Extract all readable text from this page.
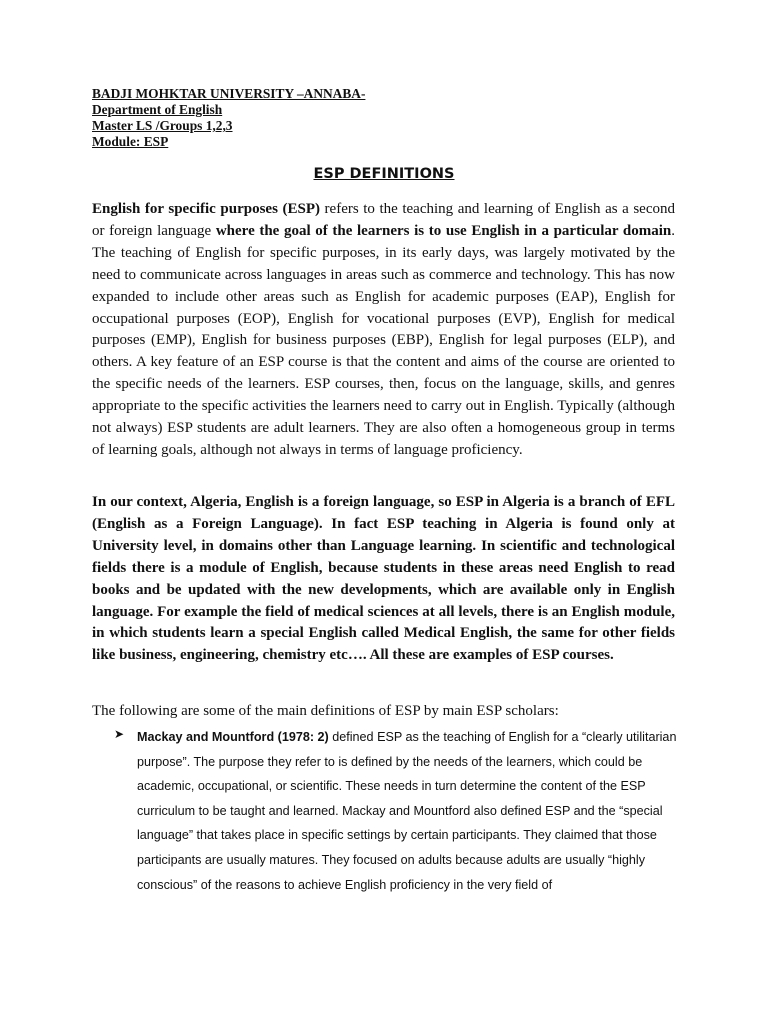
BADJI MOHKTAR UNIVERSITY –ANNABA-
Department of English
Master LS /Groups 1,2,3
Module: ESP
ESP DEFINITIONS

English for specific purposes (ESP) refers to the teaching and learning of English as a second or foreign language where the goal of the learners is to use English in a particular domain. The teaching of English for specific purposes, in its early days, was largely motivated by the need to communicate across languages in areas such as commerce and technology. This has now expanded to include other areas such as English for academic purposes (EAP), English for occupational purposes (EOP), English for vocational purposes (EVP), English for medical purposes (EMP), English for business purposes (EBP), English for legal purposes (ELP), and others. A key feature of an ESP course is that the content and aims of the course are oriented to the specific needs of the learners. ESP courses, then, focus on the language, skills, and genres appropriate to the specific activities the learners need to carry out in English. Typically (although not always) ESP students are adult learners. They are also often a homogeneous group in terms of learning goals, although not always in terms of language proficiency.

In our context, Algeria, English is a foreign language, so ESP in Algeria is a branch of EFL (English as a Foreign Language). In fact ESP teaching in Algeria is found only at University level, in domains other than Language learning. In scientific and technological fields there is a module of English, because students in these areas need English to read books and be updated with the new developments, which are available only in English language. For example the field of medical sciences at all levels, there is an English module, in which students learn a special English called Medical English, the same for other fields like business, engineering, chemistry etc…. All these are examples of ESP courses.

The following are some of the main definitions of ESP by main ESP scholars:

➤ Mackay and Mountford (1978: 2) defined ESP as the teaching of English for a “clearly utilitarian purpose”. The purpose they refer to is defined by the needs of the learners, which could be academic, occupational, or scientific. These needs in turn determine the content of the ESP curriculum to be taught and learned. Mackay and Mountford also defined ESP and the “special language” that takes place in specific settings by certain participants. They claimed that those participants are usually matures. They focused on adults because adults are usually “highly conscious” of the reasons to achieve English proficiency in the very field of
